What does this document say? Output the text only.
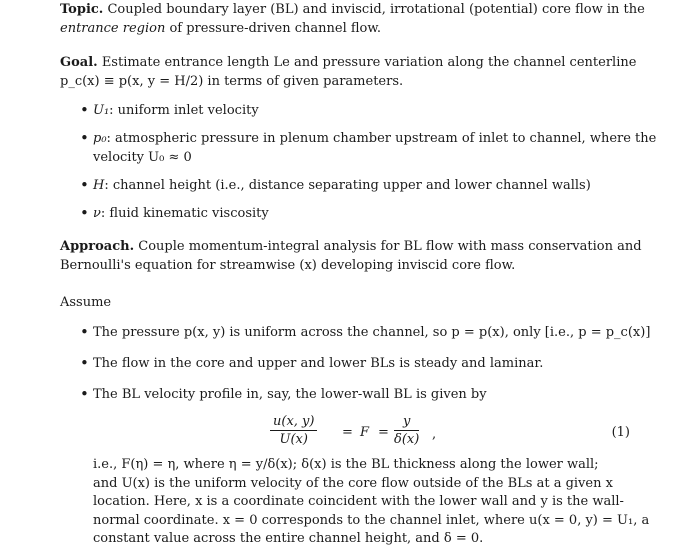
Topic. Coupled boundary layer (BL) and inviscid, irrotational (potential) core flow in the
entrance region of pressure-driven channel flow.
Goal. Estimate entrance length Le and pressure variation along the channel centerline
p_c(x) ≡ p(x, y = H/2) in terms of given parameters.
• U₁: uniform inlet velocity
• p₀: atmospheric pressure in plenum chamber upstream of inlet to channel, where the
velocity U₀ ≈ 0
• H: channel height (i.e., distance separating upper and lower channel walls)
• ν: fluid kinematic viscosity
Approach. Couple momentum-integral analysis for BL flow with mass conservation and
Bernoulli's equation for streamwise (x) developing inviscid core flow.
Assume
• The pressure p(x, y) is uniform across the channel, so p = p(x), only [i.e., p = p_c(x)]
• The flow in the core and upper and lower BLs is steady and laminar.
• The BL velocity profile in, say, the lower-wall BL is given by
$\frac{u(x, y)}{U(x)} = F = \frac{y}{\delta(x)}$ ,	(1)
i.e., F(η) = η, where η = y/δ(x); δ(x) is the BL thickness along the lower wall;
and U(x) is the uniform velocity of the core flow outside of the BLs at a given x
location. Here, x is a coordinate coincident with the lower wall and y is the wall-
normal coordinate. x = 0 corresponds to the channel inlet, where u(x = 0, y) = U₁, a
constant value across the entire channel height, and δ = 0.
